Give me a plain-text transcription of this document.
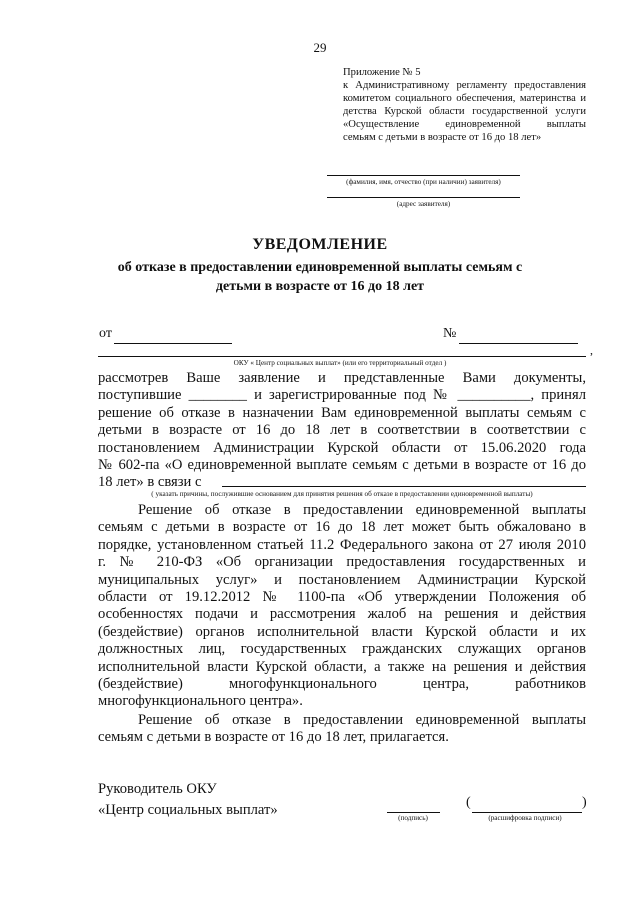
29
Приложение № 5
к Административному регламенту предоставления
комитетом социального обеспечения, материнства и
детства Курской области государственной услуги
«Осуществление единовременной выплаты
семьям с детьми в возрасте от 16 до 18 лет»
(фамилия, имя, отчество (при наличии) заявителя)
(адрес заявителя)
УВЕДОМЛЕНИЕ
об отказе в предоставлении единовременной выплаты семьям с детьми в возрасте от 16 до 18 лет
от	№
,
ОКУ « Центр социальных выплат» (или его территориальный отдел )

рассмотрев Ваше заявление и представленные Вами документы,

поступившие ________ и зарегистрированные под № __________, принял

решение об отказе в назначении Вам единовременной выплаты семьям с

детьми в возрасте от 16 до 18 лет в соответствии в соответствии с

постановлением Администрации Курской области от 15.06.2020 года

№ 602-па «О единовременной выплате семьям с детьми в возрасте от 16 до

18 лет» в связи с

( указать причины, послужившие основанием для принятия решения об отказе в предоставлении единовременной выплаты)

Решение об отказе в предоставлении единовременной выплаты

семьям с детьми в возрасте от 16 до 18 лет может быть обжаловано в

порядке, установленном статьей 11.2 Федерального закона от 27 июля 2010

г. № 210-ФЗ «Об организации предоставления государственных и

муниципальных услуг» и постановлением Администрации Курской

области от 19.12.2012 № 1100-па «Об утверждении Положения об

особенностях подачи и рассмотрения жалоб на решения и действия

(бездействие) органов исполнительной власти Курской области и их

должностных лиц, государственных гражданских служащих органов

исполнительной власти Курской области, а также на решения и действия

(бездействие) многофункционального центра, работников

многофункционального центра».

Решение об отказе в предоставлении единовременной выплаты

семьям с детьми в возрасте от 16 до 18 лет, прилагается.

Руководитель ОКУ
«Центр социальных выплат»	(подпись)
(	)
(расшифровка подписи)
